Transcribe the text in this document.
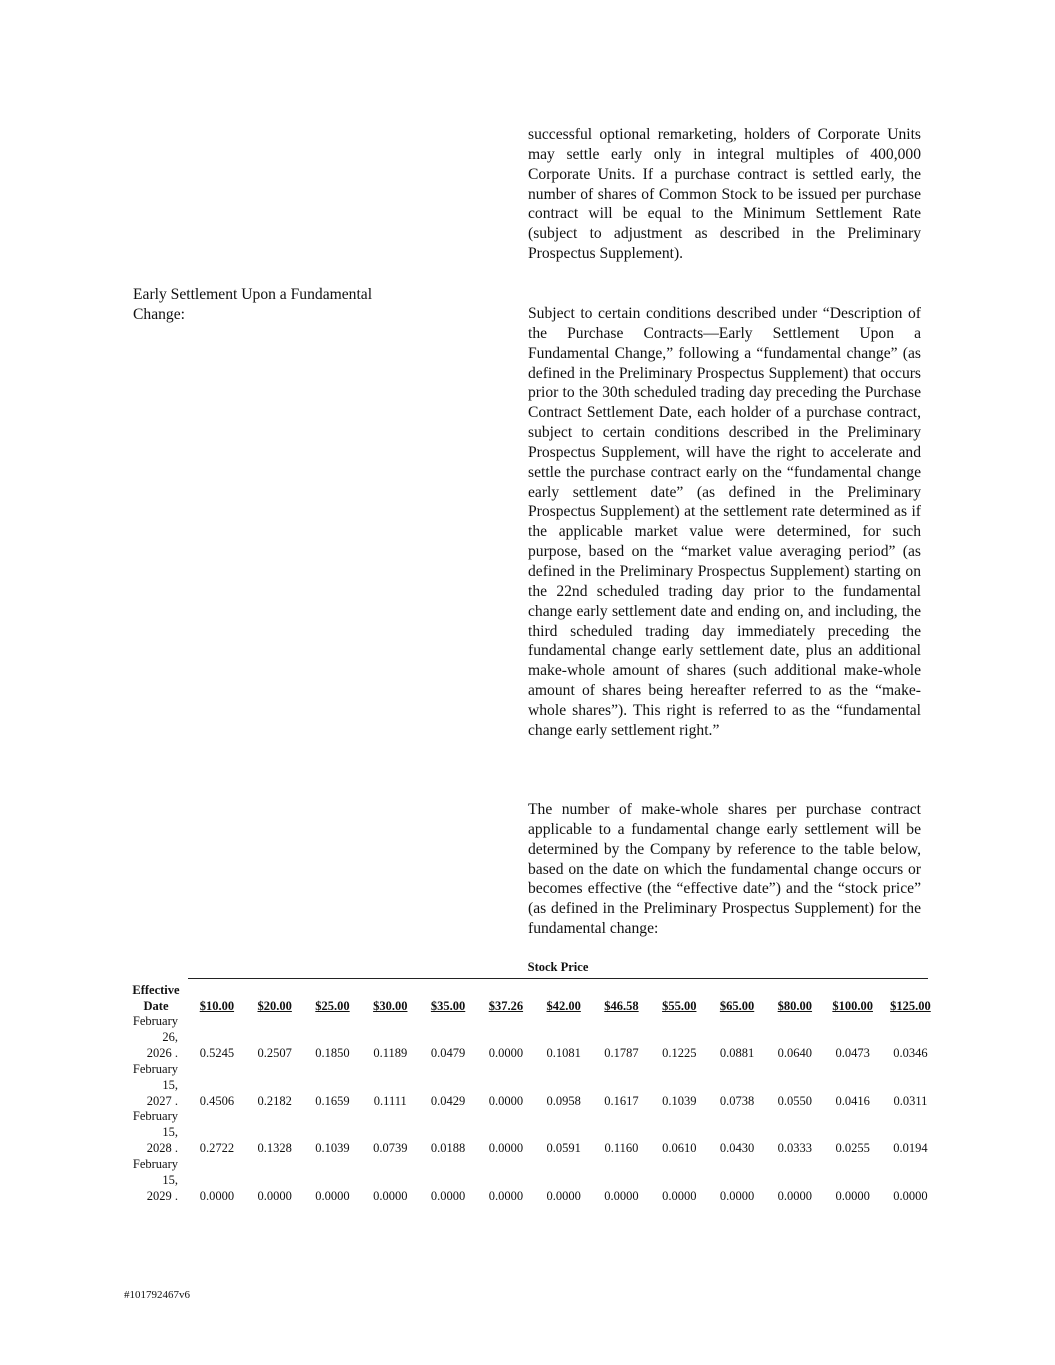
successful optional remarketing, holders of Corporate Units may settle early only in integral multiples of 400,000 Corporate Units. If a purchase contract is settled early, the number of shares of Common Stock to be issued per purchase contract will be equal to the Minimum Settlement Rate (subject to adjustment as described in the Preliminary Prospectus Supplement).

Early Settlement Upon a Fundamental Change:	Subject to certain conditions described under “Description of the Purchase Contracts—Early Settlement Upon a Fundamental Change,” following a “fundamental change” (as defined in the Preliminary Prospectus Supplement) that occurs prior to the 30th scheduled trading day preceding the Purchase Contract Settlement Date, each holder of a purchase contract, subject to certain conditions described in the Preliminary Prospectus Supplement, will have the right to accelerate and settle the purchase contract early on the “fundamental change early settlement date” (as defined in the Preliminary Prospectus Supplement) at the settlement rate determined as if the applicable market value were determined, for such purpose, based on the “market value averaging period” (as defined in the Preliminary Prospectus Supplement) starting on the 22nd scheduled trading day prior to the fundamental change early settlement date and ending on, and including, the third scheduled trading day immediately preceding the fundamental change early settlement date, plus an additional make-whole amount of shares (such additional make-whole amount of shares being hereafter referred to as the “make-whole shares”). This right is referred to as the “fundamental change early settlement right.”

The number of make-whole shares per purchase contract applicable to a fundamental change early settlement will be determined by the Company by reference to the table below, based on the date on which the fundamental change occurs or becomes effective (the “effective date”) and the “stock price” (as defined in the Preliminary Prospectus Supplement) for the fundamental change:

Stock Price
Effective
Date	$10.00	$20.00	$25.00	$30.00	$35.00	$37.26	$42.00	$46.58	$55.00	$65.00	$80.00	$100.00	$125.00
February
26,
2026 .	0.5245	0.2507	0.1850	0.1189	0.0479	0.0000	0.1081	0.1787	0.1225	0.0881	0.0640	0.0473	0.0346
February
15,
2027 .	0.4506	0.2182	0.1659	0.1111	0.0429	0.0000	0.0958	0.1617	0.1039	0.0738	0.0550	0.0416	0.0311
February
15,
2028 .	0.2722	0.1328	0.1039	0.0739	0.0188	0.0000	0.0591	0.1160	0.0610	0.0430	0.0333	0.0255	0.0194
February
15,
2029 .	0.0000	0.0000	0.0000	0.0000	0.0000	0.0000	0.0000	0.0000	0.0000	0.0000	0.0000	0.0000	0.0000
#101792467v6
